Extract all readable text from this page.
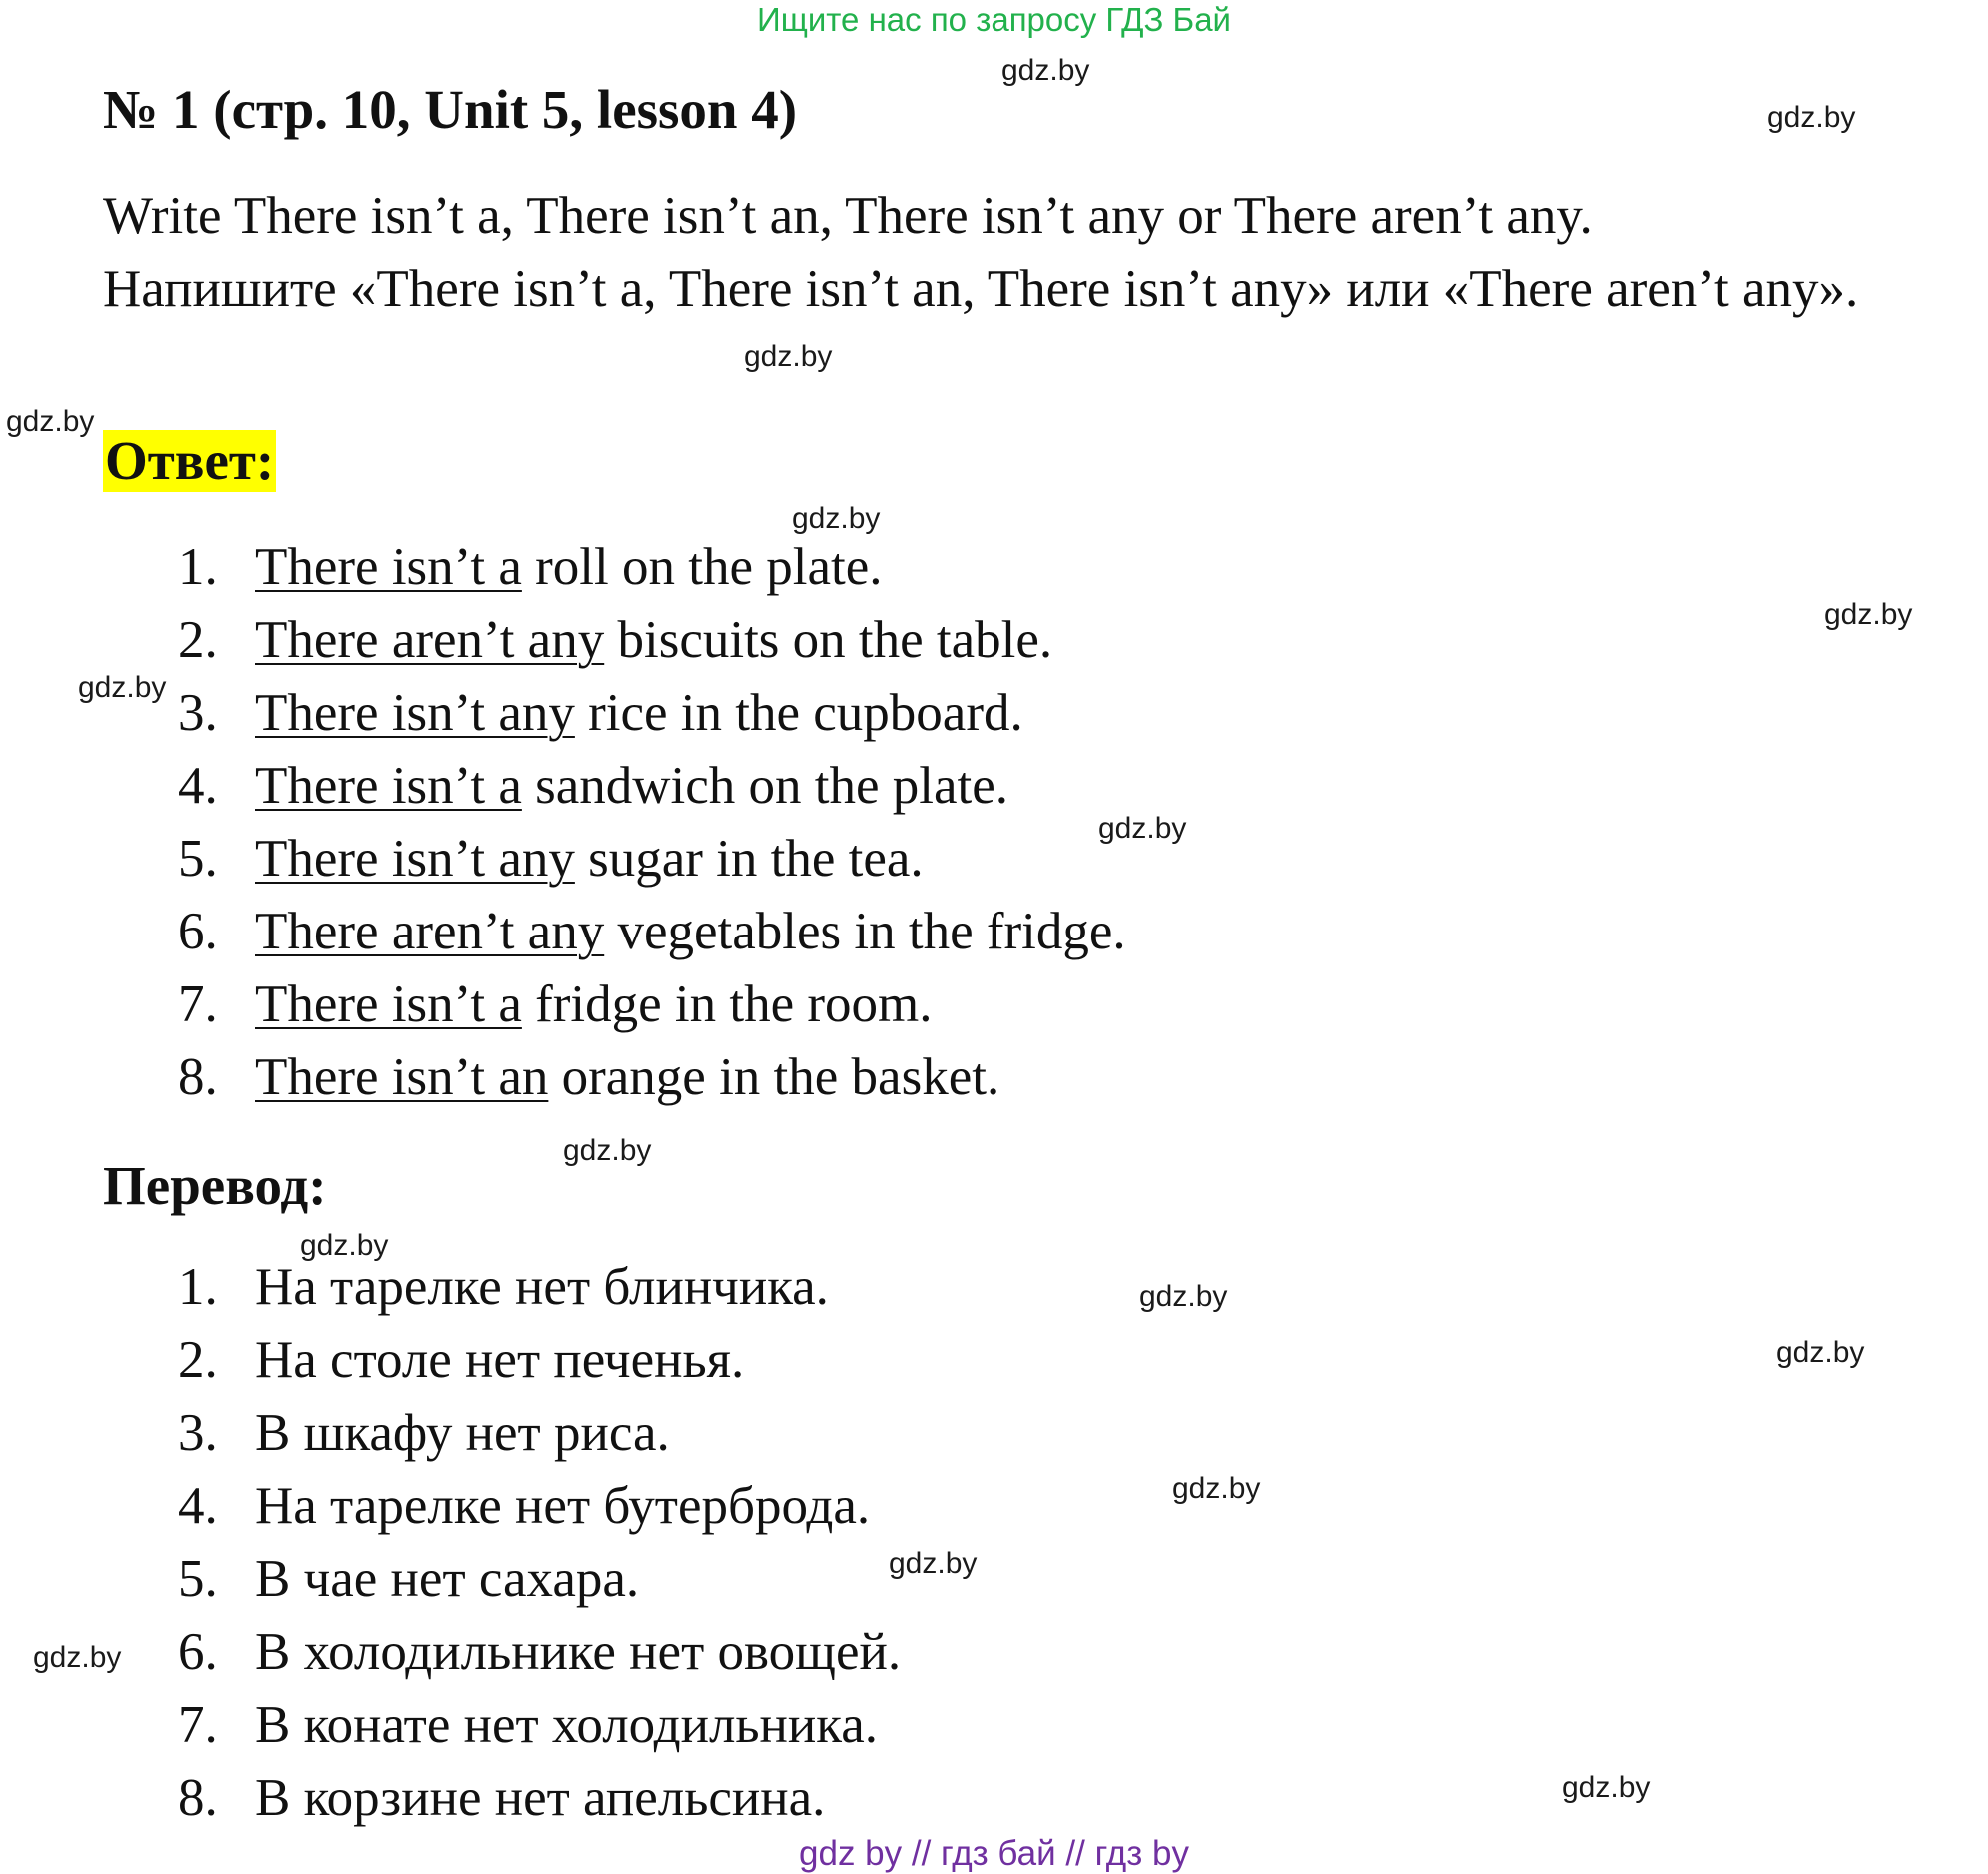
Ищите нас по запросу ГДЗ Бай
№ 1 (стр. 10, Unit 5, lesson 4)

Write There isn’t a, There isn’t an, There isn’t any or There aren’t any.

Напишите «There isn’t a, There isn’t an, There isn’t any» или «There aren’t any».

Ответ:
1. There isn’t a roll on the plate.
2. There aren’t any biscuits on the table.
3. There isn’t any rice in the cupboard.
4. There isn’t a sandwich on the plate.
5. There isn’t any sugar in the tea.
6. There aren’t any vegetables in the fridge.
7. There isn’t a fridge in the room.
8. There isn’t an orange in the basket.
Перевод:
1. На тарелке нет блинчика.
2. На столе нет печенья.
3. В шкафу нет риса.
4. На тарелке нет бутерброда.
5. В чае нет сахара.
6. В холодильнике нет овощей.
7. В конате нет холодильника.
8. В корзине нет апельсина.
gdz.by
gdz.by
gdz.by
gdz.by
gdz.by
gdz.by
gdz.by
gdz.by
gdz.by
gdz.by
gdz.by
gdz.by
gdz.by
gdz.by
gdz.by
gdz.by
gdz by // гдз бай // гдз by
